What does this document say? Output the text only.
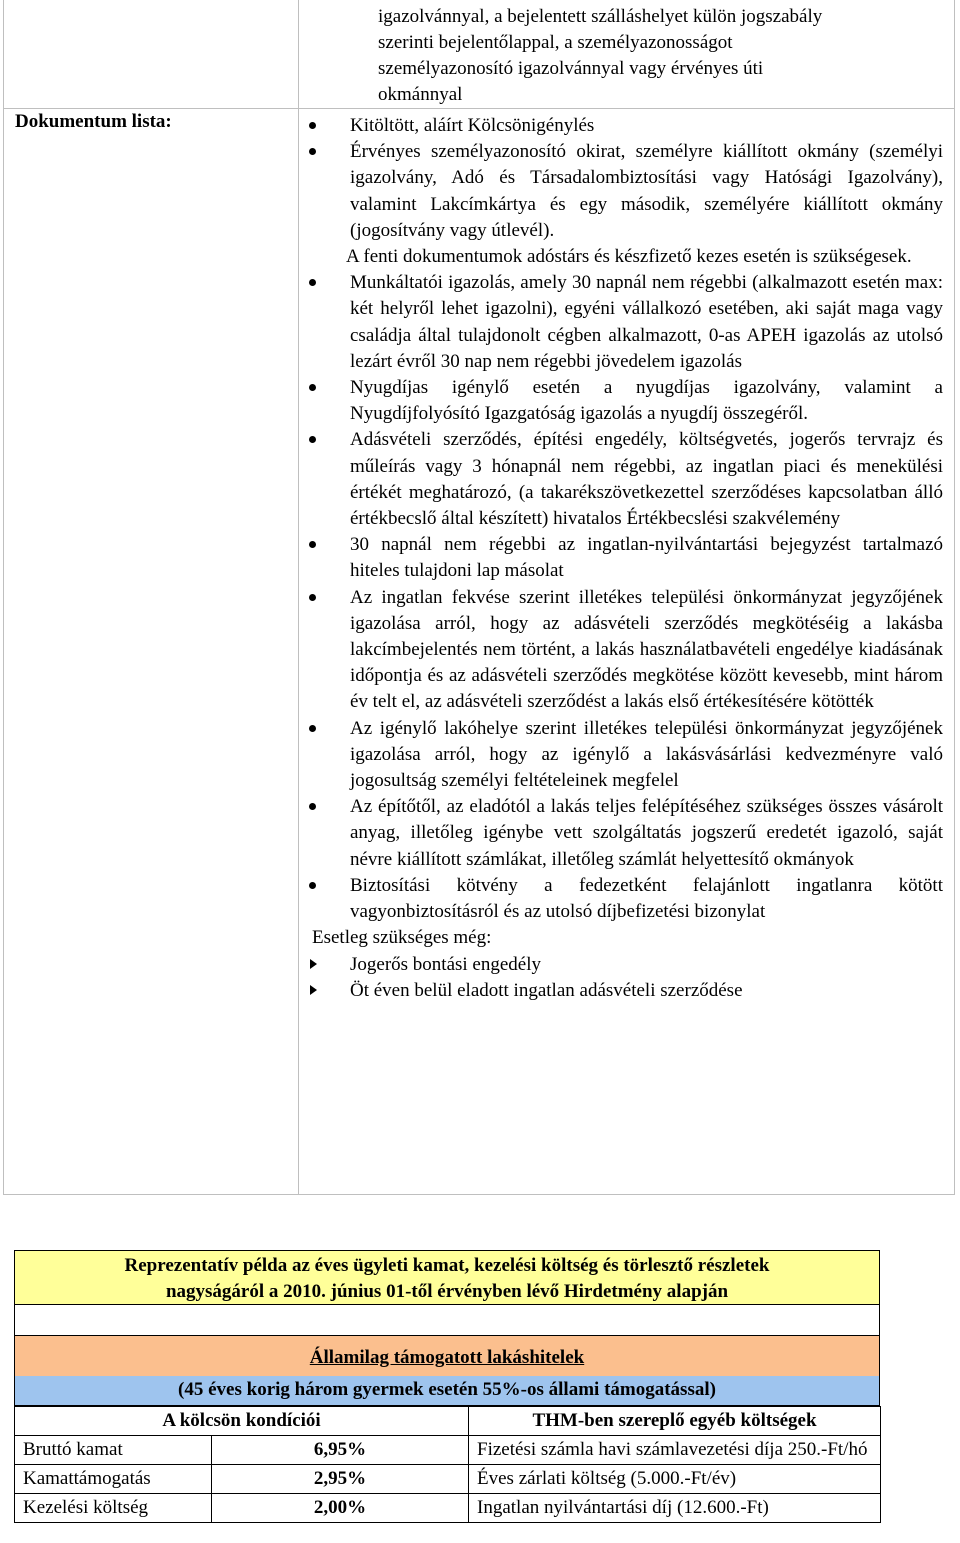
igazolvánnyal, a bejelentett szálláshelyet külön jogszabály
szerinti bejelentőlappal, a személyazonosságot
személyazonosító igazolvánnyal vagy érvényes úti
okmánnyal
Dokumentum lista:	Kitöltött, aláírt Kölcsönigénylés
Érvényes személyazonosító okirat, személyre kiállított okmány (személyi igazolvány, Adó és Társadalombiztosítási vagy Hatósági Igazolvány), valamint Lakcímkártya és egy második, személyére kiállított okmány (jogosítvány vagy útlevél).
A fenti dokumentumok adóstárs és készfizető kezes esetén is szükségesek.
Munkáltatói igazolás, amely 30 napnál nem régebbi (alkalmazott esetén max: két helyről lehet igazolni), egyéni vállalkozó esetében, aki saját maga vagy családja által tulajdonolt cégben alkalmazott, 0-as APEH igazolás az utolsó lezárt évről 30 nap nem régebbi jövedelem igazolás
Nyugdíjas igénylő esetén a nyugdíjas igazolvány, valamint a Nyugdíjfolyósító Igazgatóság igazolás a nyugdíj összegéről.
Adásvételi szerződés, építési engedély, költségvetés, jogerős tervrajz és műleírás vagy 3 hónapnál nem régebbi, az ingatlan piaci és menekülési értékét meghatározó, (a takarékszövetkezettel szerződéses kapcsolatban álló értékbecslő által készített) hivatalos Értékbecslési szakvélemény
30 napnál nem régebbi az ingatlan-nyilvántartási bejegyzést tartalmazó hiteles tulajdoni lap másolat
Az ingatlan fekvése szerint illetékes települési önkormányzat jegyzőjének igazolása arról, hogy az adásvételi szerződés megkötéséig a lakásba lakcímbejelentés nem történt, a lakás használatbavételi engedélye kiadásának időpontja és az adásvételi szerződés megkötése között kevesebb, mint három év telt el, az adásvételi szerződést a lakás első értékesítésére kötötték
Az igénylő lakóhelye szerint illetékes települési önkormányzat jegyzőjének igazolása arról, hogy az igénylő a lakásvásárlási kedvezményre való jogosultság személyi feltételeinek megfelel
Az építőtől, az eladótól a lakás teljes felépítéséhez szükséges összes vásárolt anyag, illetőleg igénybe vett szolgáltatás jogszerű eredetét igazoló, saját névre kiállított számlákat, illetőleg számlát helyettesítő okmányok
Biztosítási kötvény a fedezetként felajánlott ingatlanra kötött vagyonbiztosításról és az utolsó díjbefizetési bizonylat
Esetleg szükséges még:
Jogerős bontási engedély
Öt éven belül eladott ingatlan adásvételi szerződése
Reprezentatív példa az éves ügyleti kamat, kezelési költség és törlesztő részletek
nagyságáról a 2010. június 01-től érvényben lévő Hirdetmény alapján
Államilag támogatott lakáshitelek
(45 éves korig három gyermek esetén 55%-os állami támogatással)
A kölcsön kondíciói		THM-ben szereplő egyéb költségek
Bruttó kamat	6,95%	Fizetési számla havi számlavezetési díja 250.-Ft/hó
Kamattámogatás	2,95%	Éves zárlati költség (5.000.-Ft/év)
Kezelési költség	2,00%	Ingatlan nyilvántartási díj (12.600.-Ft)
